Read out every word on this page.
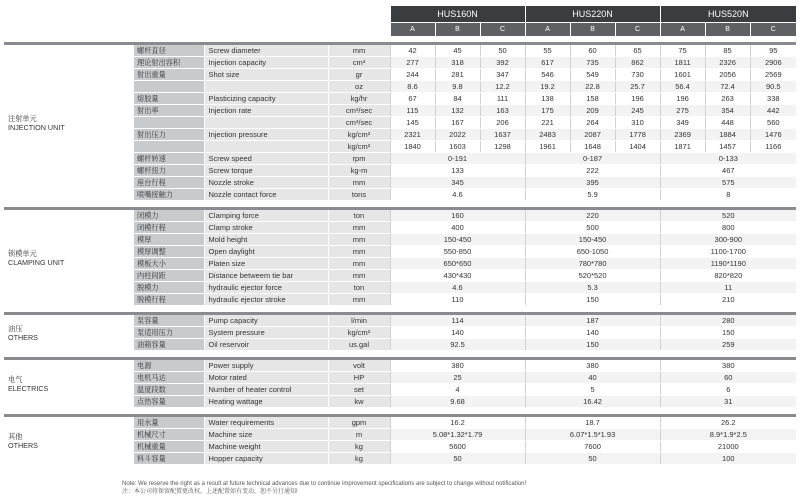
				HUS160N			HUS220N			HUS520N		
				A	B	C	A	B	C	A	B	C

注射单元
INJECTION UNIT	螺杆直径	Screw diameter	mm	42	45	50	55	60	65	75	85	95
	理论射出容积	Injection capacity	cm³	277	318	392	617	735	862	1811	2326	2906
	射出重量	Shot size	gr	244	281	347	546	549	730	1601	2056	2569
			oz	8.6	9.8	12.2	19.2	22.8	25.7	56.4	72.4	90.5
	熔胶量	Plasticizing capacity	kg/hr	67	84	111	138	158	196	196	263	338
	射出率	Injection rate	cm³/sec	115	132	163	175	209	245	275	354	442
			cm³/sec	145	167	206	221	264	310	349	448	560
	射出压力	Injection pressure	kg/cm²	2321	2022	1637	2483	2087	1778	2369	1884	1476
			kg/cm²	1840	1603	1298	1961	1648	1404	1871	1457	1166
	螺杆转速	Screw speed	rpm	0-191			0-187			0-133		
	螺杆扭力	Screw torque	kg-m	133			222			467		
	座台行程	Nozzle stroke	mm	345			395			575		
	喷嘴接触力	Nozzle contact force	tons	4.6			5.9			8		

锁模单元
CLAMPING UNIT	闭模力	Clamping force	ton	160			220			520		
	闭模行程	Clamp stroke	mm	400			500			800		
	模厚	Mold height	mm	150-450			150-450			300-900		
	模厚调整	Open daylight	mm	550-850			650-1050			1100-1700		
	模板大小	Platen size	mm	650*650			780*780			1190*1190		
	内柱间距	Distance betweem tie bar	mm	430*430			520*520			820*820		
	脱模力	hydraulic ejector force	ton	4.6			5.3			11		
	脱模行程	hydraulic ejector stroke	mm	110			150			210		

油压
OTHERS	泵容量	Pump capacity	l/min	114			187			280		
	泵适用压力	System pressure	kg/cm²	140			140			150		
	油箱容量	Oil reservoir	us.gal	92.5			150			259		

电气
ELECTRICS	电源	Power supply	volt	380			380			380		
	电机马达	Motor rated	HP	25			40			60		
	温度段数	Number of heater control	set	4			5			6		
	点热容量	Heating wattage	kw	9.68			16.42			31		

其他
OTHERS	用水量	Water requirements	gpm	16.2			18.7			26.2		
	机械尺寸	Machine size	m	5.08*1.32*1.79			6.07*1.5*1.93			8.9*1.9*2.5		
	机械重量	Machine weight	kg	5600			7600			21000		
	料斗容量	Hopper capacity	kg	50			50			100		
Note: We reserve the right as a result at future technical advances due to continue improvement specifications are subject to change without notification!
注：本公司将保留配置更改权，上述配置如有变动，恕不另行通知!
